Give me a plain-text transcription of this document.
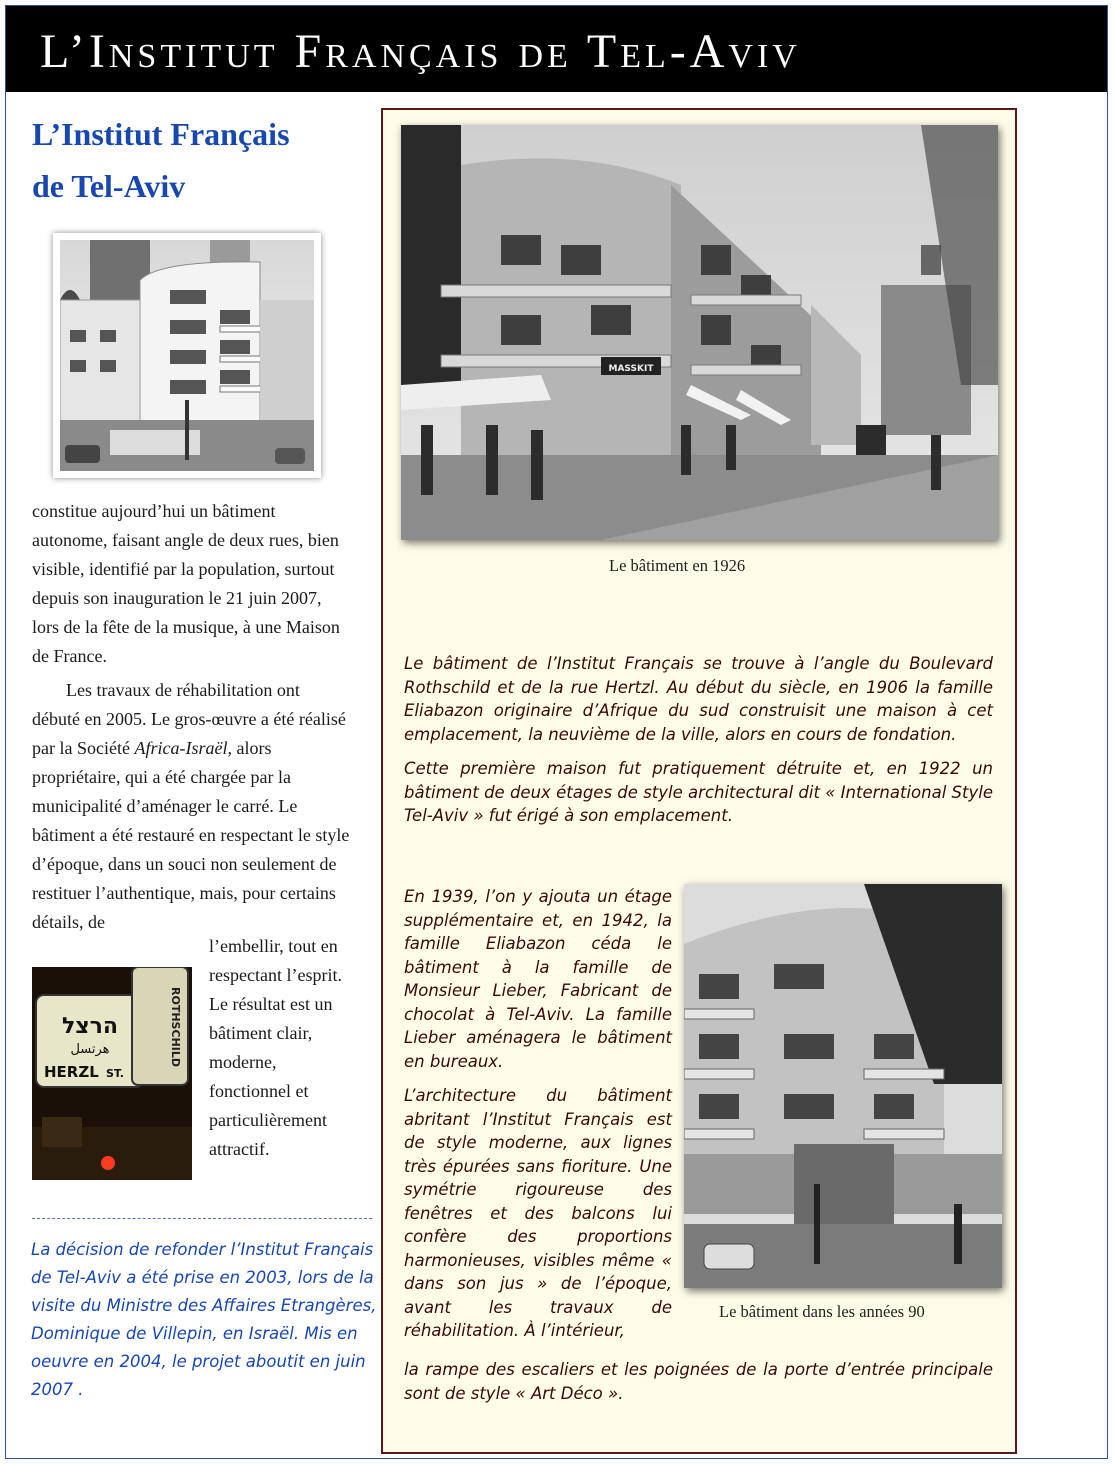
L’Institut Français de Tel-Aviv
L’Institut Français
de Tel-Aviv

constitue aujourd’hui un bâtiment autonome, faisant angle de deux rues, bien visible, identifié par la population, surtout depuis son inauguration le 21 juin 2007, lors de la fête de la musique, à une Maison de France.

Les travaux de réhabilitation ont débuté en 2005. Le gros-œuvre a été réalisé par la Société Africa-Israël, alors propriétaire, qui a été chargée par la municipalité d’aménager le carré. Le bâtiment a été restauré en respectant le style d’époque, dans un souci non seulement de restituer l’authentique, mais, pour certains détails, de

l’embellir, tout en respectant l’esprit. Le résultat est un bâtiment clair, moderne, fonctionnel et particulièrement attractif.

הרצל
هرتسل
HERZL ST.
ROTHSCHILD
La décision de refonder l’Institut Français de Tel-Aviv a été prise en 2003, lors de la visite du Ministre des Affaires Etrangères, Dominique de Villepin, en Israël. Mis en oeuvre en 2004, le projet aboutit en juin 2007 .
MASSKIT
Le bâtiment en 1926

Le bâtiment de l’Institut Français se trouve à l’angle du Boulevard Rothschild et de la rue Hertzl. Au début du siècle, en 1906 la famille Eliabazon originaire d’Afrique du sud construisit une maison à cet emplacement, la neuvième de la ville, alors en cours de fondation.

Cette première maison fut pratiquement détruite et, en 1922 un bâtiment de deux étages de style architectural dit « International Style Tel-Aviv » fut érigé à son emplacement.

Le bâtiment dans les années 90

En 1939, l’on y ajouta un étage supplémentaire et, en 1942, la famille Eliabazon céda le bâtiment à la famille de Monsieur Lieber, Fabricant de chocolat à Tel-Aviv. La famille Lieber aménagera le bâtiment en bureaux.

L’architecture du bâtiment abritant l’Institut Français est de style moderne, aux lignes très épurées sans fioriture. Une symétrie rigoureuse des fenêtres et des balcons lui confère des proportions harmonieuses, visibles même « dans son jus » de l’époque, avant les travaux de réhabilitation. À l’intérieur,

la rampe des escaliers et les poignées de la porte d’entrée principale sont de style « Art Déco ».
